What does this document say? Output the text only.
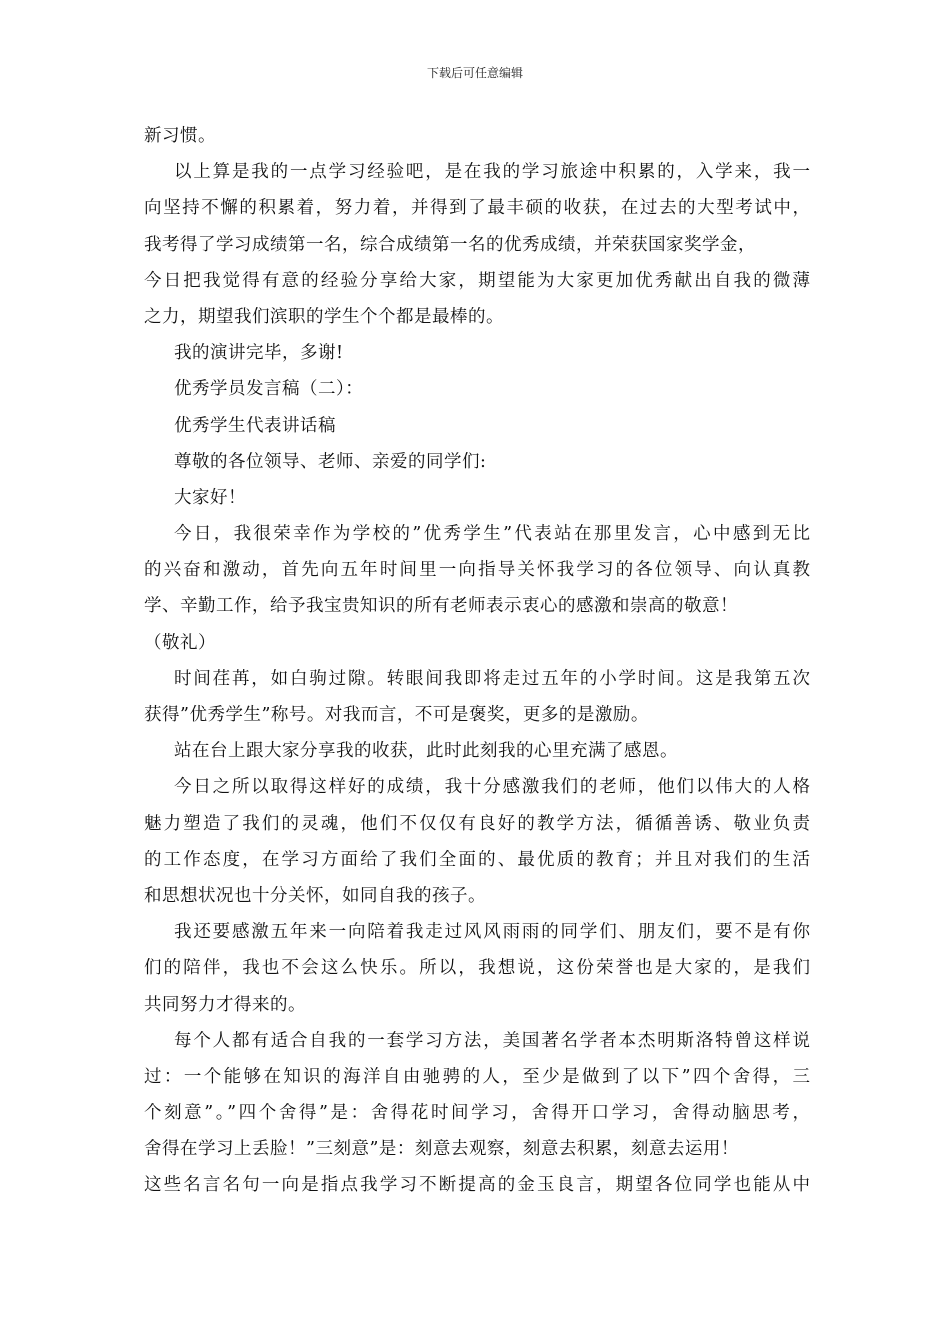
下载后可任意编辑
新习惯。
以上算是我的一点学习经验吧，是在我的学习旅途中积累的，入学来，我一
向坚持不懈的积累着，努力着，并得到了最丰硕的收获，在过去的大型考试中，
我考得了学习成绩第一名，综合成绩第一名的优秀成绩，并荣获国家奖学金，
今日把我觉得有意的经验分享给大家，期望能为大家更加优秀献出自我的微薄
之力，期望我们滨职的学生个个都是最棒的。
我的演讲完毕，多谢!
优秀学员发言稿（二）：
优秀学生代表讲话稿
尊敬的各位领导、老师、亲爱的同学们:
大家好！
今日，我很荣幸作为学校的”优秀学生”代表站在那里发言，心中感到无比
的兴奋和激动，首先向五年时间里一向指导关怀我学习的各位领导、向认真教
学、辛勤工作，给予我宝贵知识的所有老师表示衷心的感激和崇高的敬意！
（敬礼）
时间荏苒，如白驹过隙。转眼间我即将走过五年的小学时间。这是我第五次
获得”优秀学生”称号。对我而言，不可是褒奖，更多的是激励。
站在台上跟大家分享我的收获，此时此刻我的心里充满了感恩。
今日之所以取得这样好的成绩，我十分感激我们的老师，他们以伟大的人格
魅力塑造了我们的灵魂，他们不仅仅有良好的教学方法，循循善诱、敬业负责
的工作态度，在学习方面给了我们全面的、最优质的教育；并且对我们的生活
和思想状况也十分关怀，如同自我的孩子。
我还要感激五年来一向陪着我走过风风雨雨的同学们、朋友们，要不是有你
们的陪伴，我也不会这么快乐。所以，我想说，这份荣誉也是大家的，是我们
共同努力才得来的。
每个人都有适合自我的一套学习方法，美国著名学者本杰明斯洛特曾这样说
过：一个能够在知识的海洋自由驰骋的人，至少是做到了以下”四个舍得，三
个刻意”。”四个舍得”是：舍得花时间学习，舍得开口学习，舍得动脑思考，
舍得在学习上丢脸！”三刻意”是：刻意去观察，刻意去积累，刻意去运用！
这些名言名句一向是指点我学习不断提高的金玉良言，期望各位同学也能从中
